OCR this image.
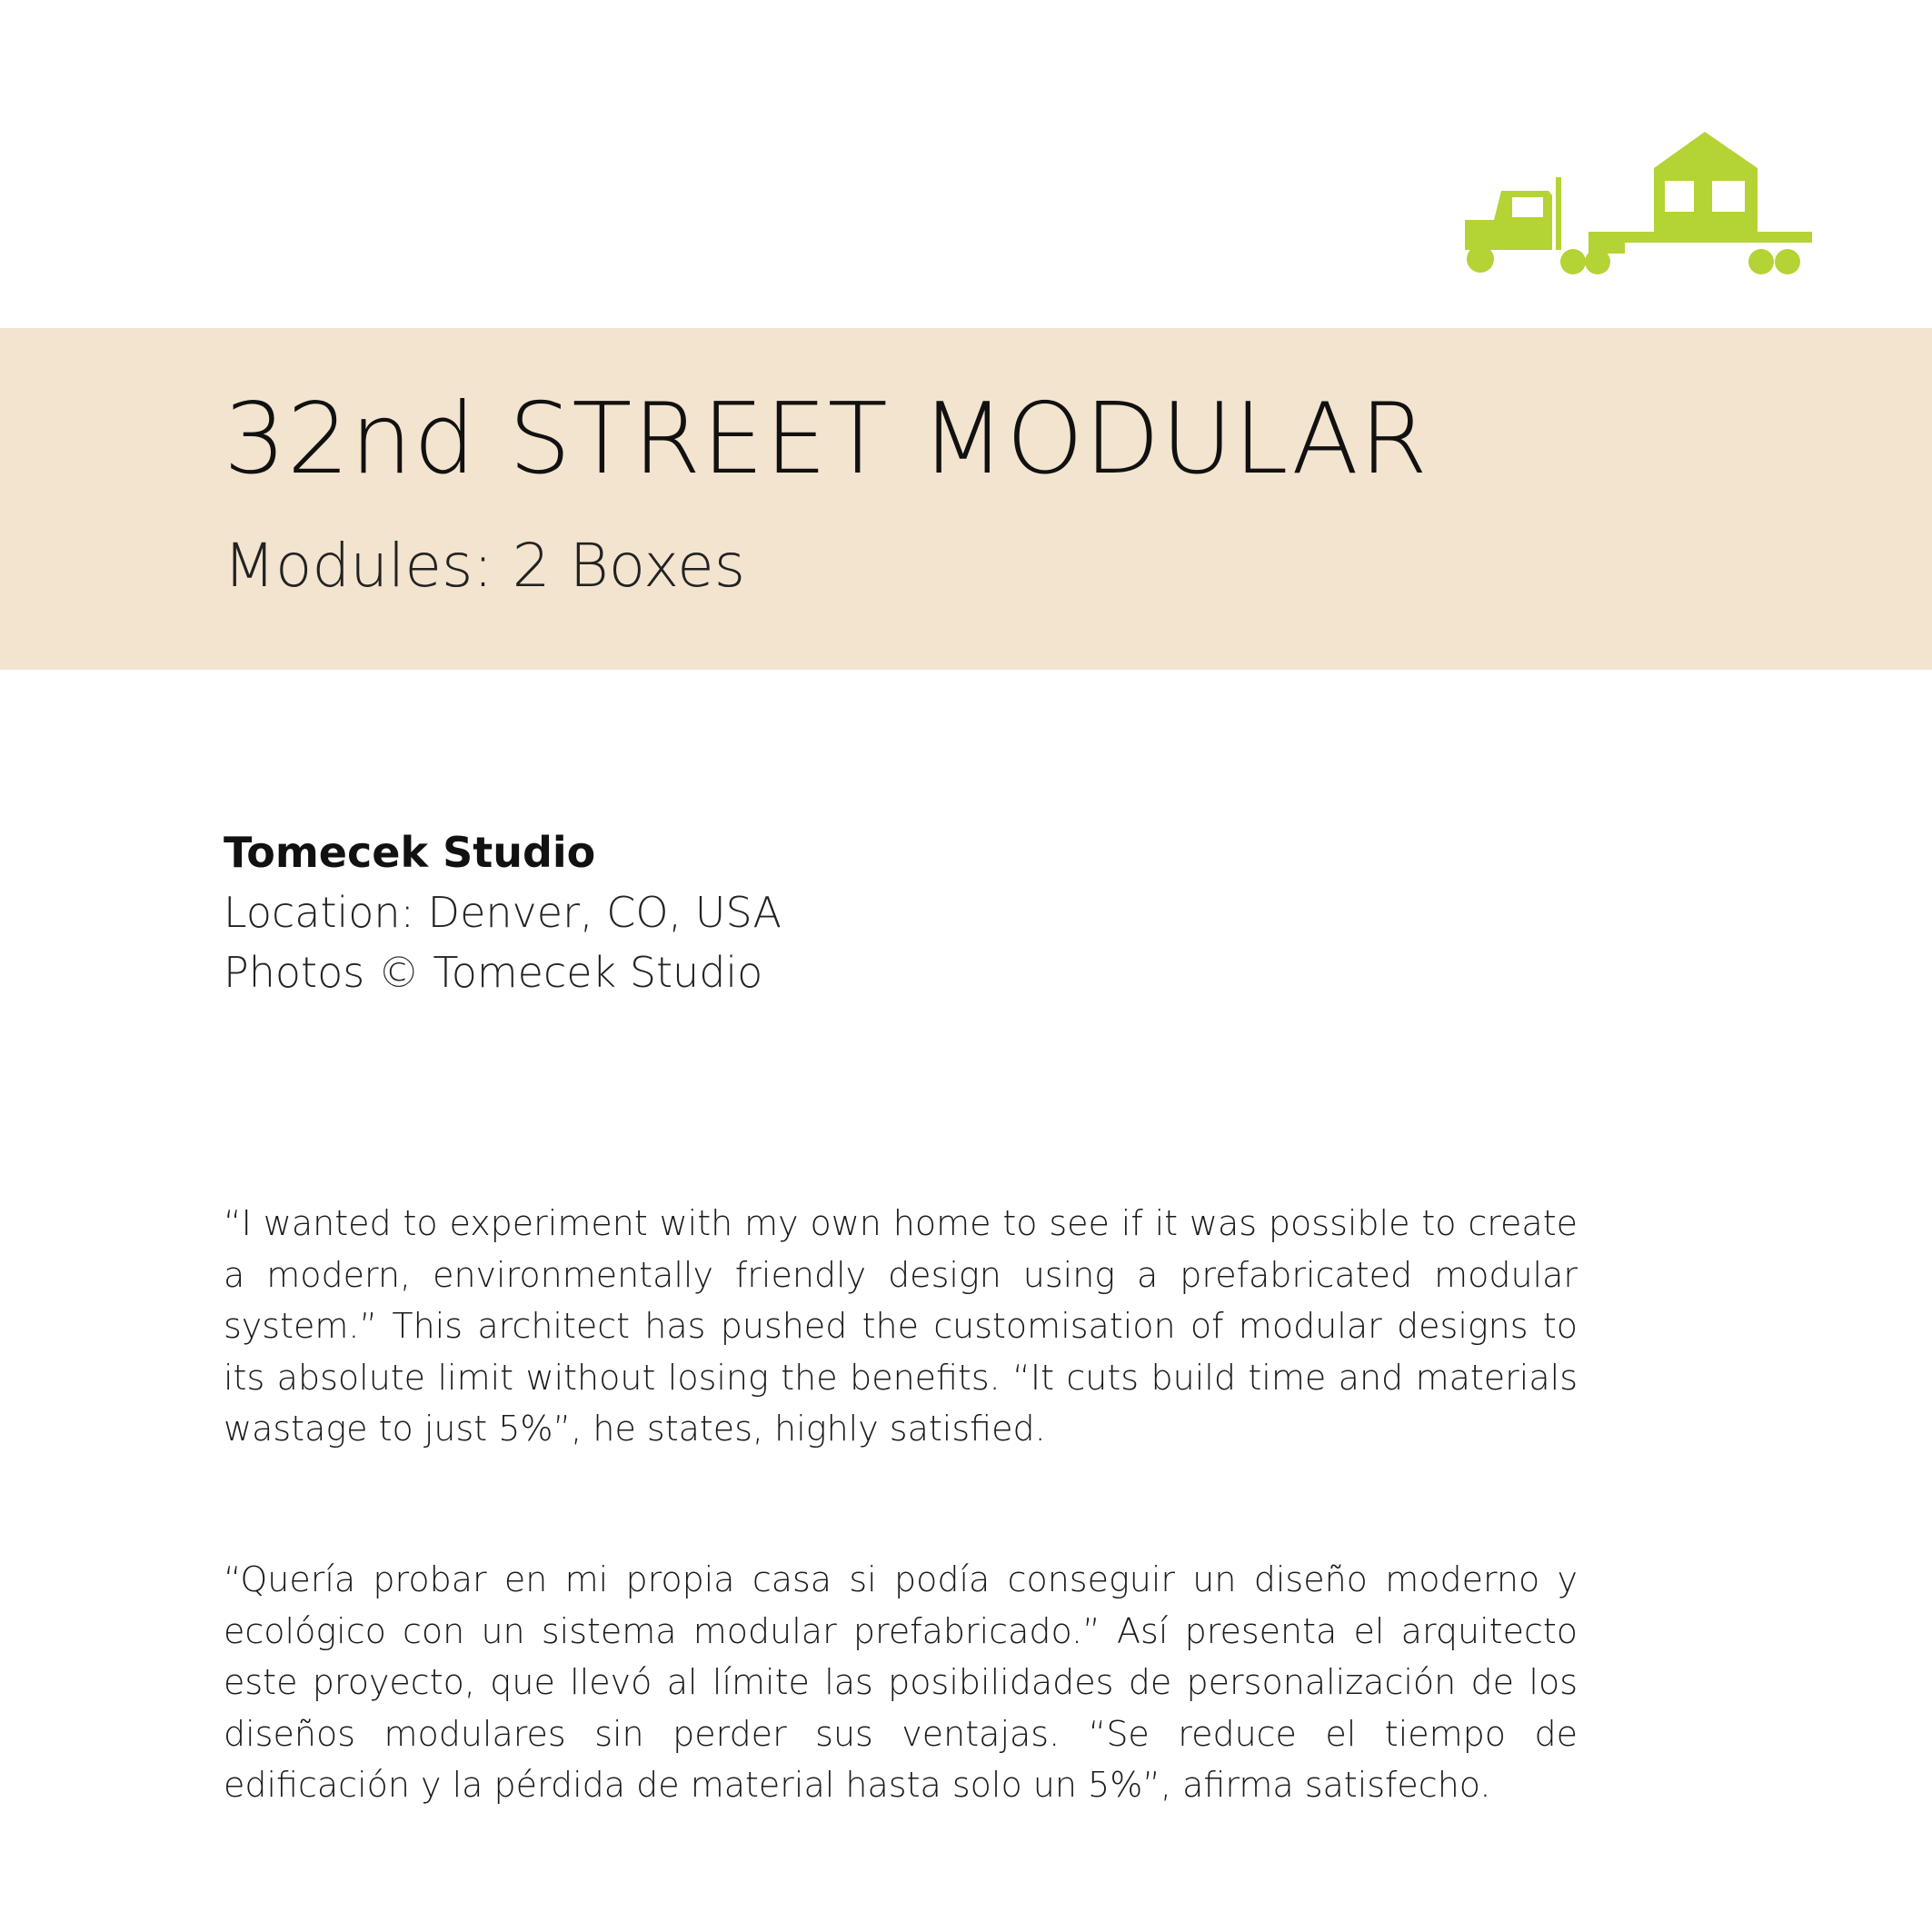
32nd STREET MODULAR
Modules: 2 Boxes
Tomecek Studio
Location: Denver, CO, USA
Photos © Tomecek Studio

“I wanted to experiment with my own home to see if it was possible to create a modern, environmentally friendly design using a prefabricated modular system.” This architect has pushed the customisation of modular designs to its absolute limit without losing the benefits. “It cuts build time and materials wastage to just 5%”, he states, highly satisfied.

“Quería probar en mi propia casa si podía conseguir un diseño moderno y ecológico con un sistema modular prefabricado.” Así presenta el arquitecto este proyecto, que llevó al límite las posibilidades de personalización de los diseños modulares sin perder sus ventajas. “Se reduce el tiempo de edificación y la pérdida de material hasta solo un 5%”, afirma satisfecho.
